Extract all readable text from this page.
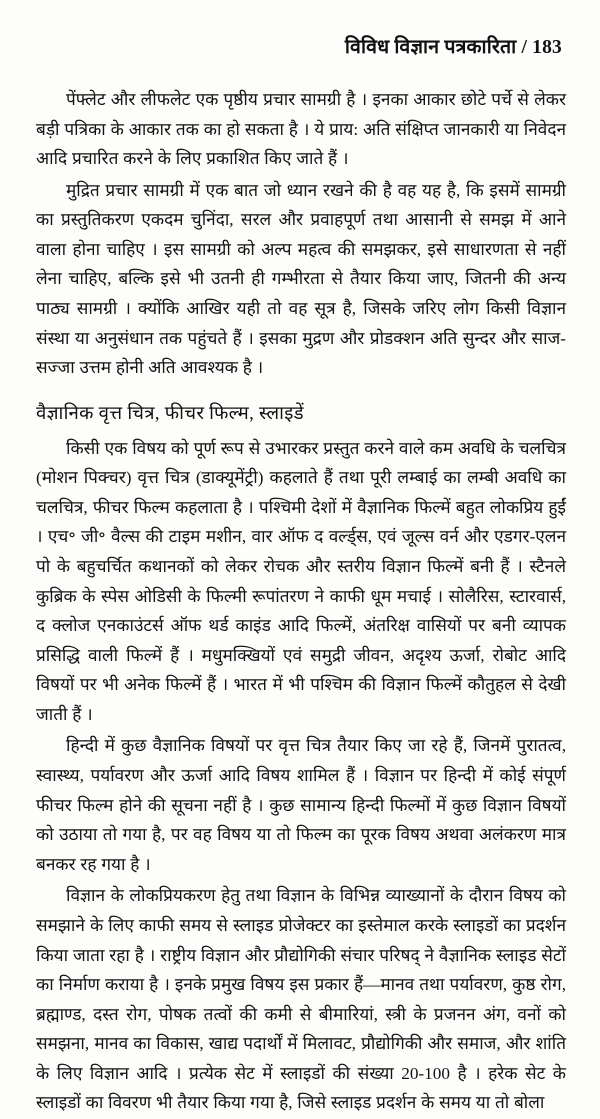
विविध विज्ञान पत्रकारिता / 183

पेंफ्लेट और लीफलेट एक पृष्ठीय प्रचार सामग्री है । इनका आकार छोटे पर्चे से लेकर बड़ी पत्रिका के आकार तक का हो सकता है । ये प्राय: अति संक्षिप्त जानकारी या निवेदन आदि प्रचारित करने के लिए प्रकाशित किए जाते हैं ।

मुद्रित प्रचार सामग्री में एक बात जो ध्यान रखने की है वह यह है, कि इसमें सामग्री का प्रस्तुतिकरण एकदम चुनिंदा, सरल और प्रवाहपूर्ण तथा आसानी से समझ में आने वाला होना चाहिए । इस सामग्री को अल्प महत्व की समझकर, इसे साधारणता से नहीं लेना चाहिए, बल्कि इसे भी उतनी ही गम्भीरता से तैयार किया जाए, जितनी की अन्य पाठ्य सामग्री । क्योंकि आखिर यही तो वह सूत्र है, जिसके जरिए लोग किसी विज्ञान संस्था या अनुसंधान तक पहुंचते हैं । इसका मुद्रण और प्रोडक्शन अति सुन्दर और साज-सज्जा उत्तम होनी अति आवश्यक है ।

वैज्ञानिक वृत्त चित्र, फीचर फिल्म, स्लाइडें

किसी एक विषय को पूर्ण रूप से उभारकर प्रस्तुत करने वाले कम अवधि के चलचित्र (मोशन पिक्चर) वृत्त चित्र (डाक्यूमेंट्री) कहलाते हैं तथा पूरी लम्बाई का लम्बी अवधि का चलचित्र, फीचर फिल्म कहलाता है । पश्चिमी देशों में वैज्ञानिक फिल्में बहुत लोकप्रिय हुईं । एच॰ जी॰ वैल्स की टाइम मशीन, वार ऑफ द वर्ल्ड्स, एवं जूल्स वर्न और एडगर-एलन पो के बहुचर्चित कथानकों को लेकर रोचक और स्तरीय विज्ञान फिल्में बनी हैं । स्टैनले कुब्रिक के स्पेस ओडिसी के फिल्मी रूपांतरण ने काफी धूम मचाई । सोलैरिस, स्टारवार्स, द क्लोज एनकाउंटर्स ऑफ थर्ड काइंड आदि फिल्में, अंतरिक्ष वासियों पर बनी व्यापक प्रसिद्धि वाली फिल्में हैं । मधुमक्खियों एवं समुद्री जीवन, अदृश्य ऊर्जा, रोबोट आदि विषयों पर भी अनेक फिल्में हैं । भारत में भी पश्चिम की विज्ञान फिल्में कौतुहल से देखी जाती हैं ।

हिन्दी में कुछ वैज्ञानिक विषयों पर वृत्त चित्र तैयार किए जा रहे हैं, जिनमें पुरातत्व, स्वास्थ्य, पर्यावरण और ऊर्जा आदि विषय शामिल हैं । विज्ञान पर हिन्दी में कोई संपूर्ण फीचर फिल्म होने की सूचना नहीं है । कुछ सामान्य हिन्दी फिल्मों में कुछ विज्ञान विषयों को उठाया तो गया है, पर वह विषय या तो फिल्म का पूरक विषय अथवा अलंकरण मात्र बनकर रह गया है ।

विज्ञान के लोकप्रियकरण हेतु तथा विज्ञान के विभिन्न व्याख्यानों के दौरान विषय को समझाने के लिए काफी समय से स्लाइड प्रोजेक्टर का इस्तेमाल करके स्लाइडों का प्रदर्शन किया जाता रहा है । राष्ट्रीय विज्ञान और प्रौद्योगिकी संचार परिषद् ने वैज्ञानिक स्लाइड सेटों का निर्माण कराया है । इनके प्रमुख विषय इस प्रकार हैं—मानव तथा पर्यावरण, कुष्ठ रोग, ब्रह्माण्ड, दस्त रोग, पोषक तत्वों की कमी से बीमारियां, स्त्री के प्रजनन अंग, वनों को समझना, मानव का विकास, खाद्य पदार्थों में मिलावट, प्रौद्योगिकी और समाज, और शांति के लिए विज्ञान आदि । प्रत्येक सेट में स्लाइडों की संख्या 20-100 है । हरेक सेट के स्लाइडों का विवरण भी तैयार किया गया है, जिसे स्लाइड प्रदर्शन के समय या तो बोला
